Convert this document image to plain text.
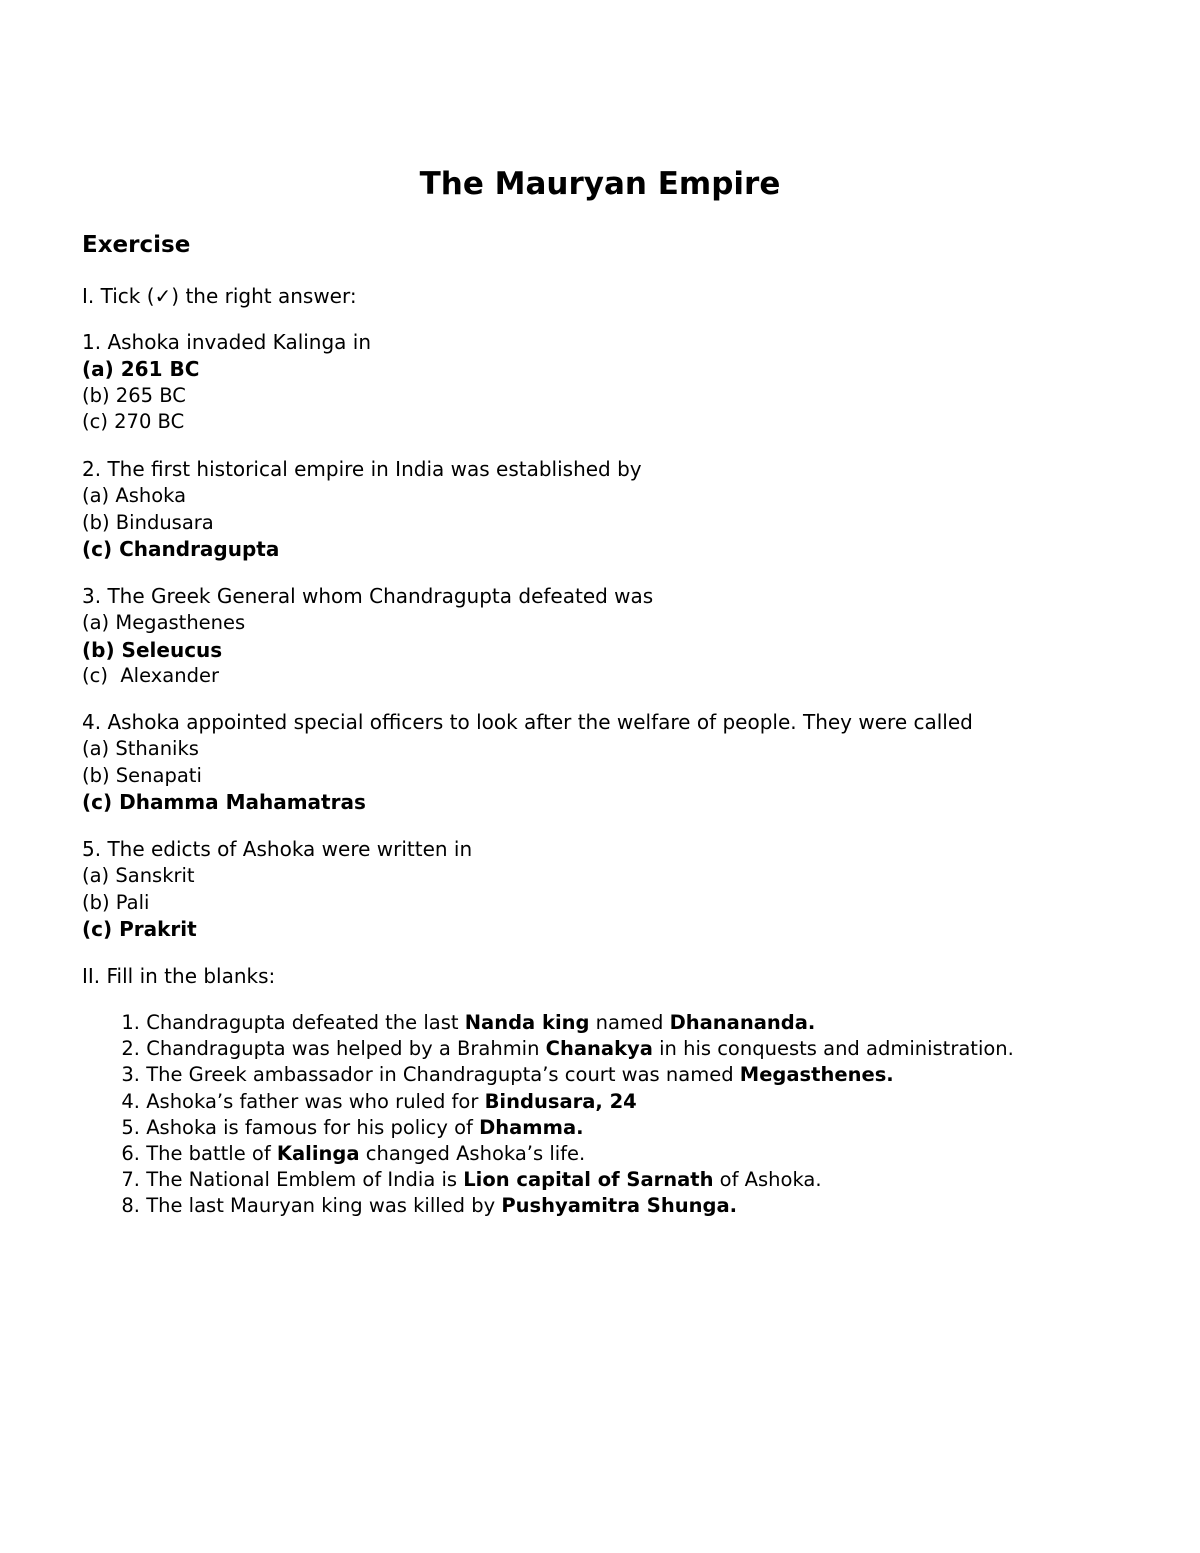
The Mauryan Empire
Exercise

I. Tick (✓) the right answer:

1. Ashoka invaded Kalinga in

(a) 261 BC

(b) 265 BC

(c) 270 BC

2. The first historical empire in India was established by

(a) Ashoka

(b) Bindusara

(c) Chandragupta

3. The Greek General whom Chandragupta defeated was

(a) Megasthenes

(b) Seleucus

(c)  Alexander

4. Ashoka appointed special officers to look after the welfare of people. They were called

(a) Sthaniks

(b) Senapati

(c) Dhamma Mahamatras

5. The edicts of Ashoka were written in

(a) Sanskrit

(b) Pali

(c) Prakrit

II. Fill in the blanks:

1. Chandragupta defeated the last Nanda king named Dhanananda.
2. Chandragupta was helped by a Brahmin Chanakya in his conquests and administration.
3. The Greek ambassador in Chandragupta’s court was named Megasthenes.
4. Ashoka’s father was who ruled for Bindusara, 24
5. Ashoka is famous for his policy of Dhamma.
6. The battle of Kalinga changed Ashoka’s life.
7. The National Emblem of India is Lion capital of Sarnath of Ashoka.
8. The last Mauryan king was killed by Pushyamitra Shunga.
